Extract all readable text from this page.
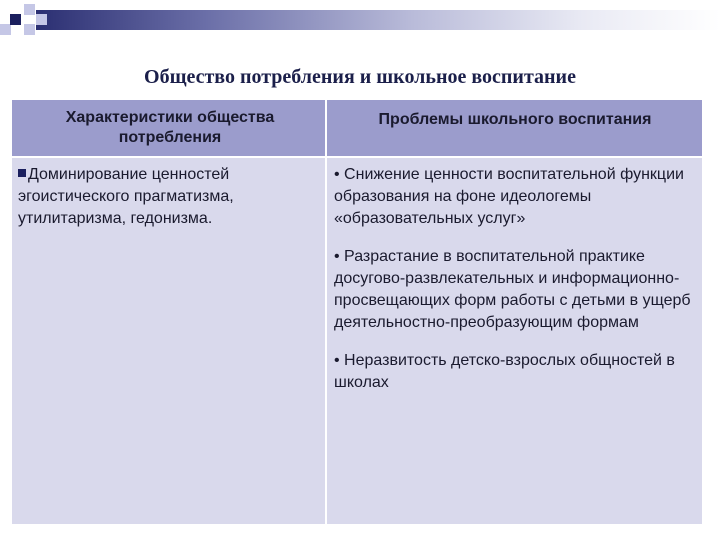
Общество потребления и школьное воспитание
Характеристики общества потребления
Проблемы школьного воспитания
Доминирование ценностей эгоистического прагматизма, утилитаризма, гедонизма.

• Снижение ценности воспитательной функции образования на фоне идеологемы «образовательных услуг»

• Разрастание в воспитательной практике досугово-развлекательных и информационно-просвещающих форм работы с детьми в ущерб деятельностно-преобразующим формам

• Неразвитость детско-взрослых общностей в школах
